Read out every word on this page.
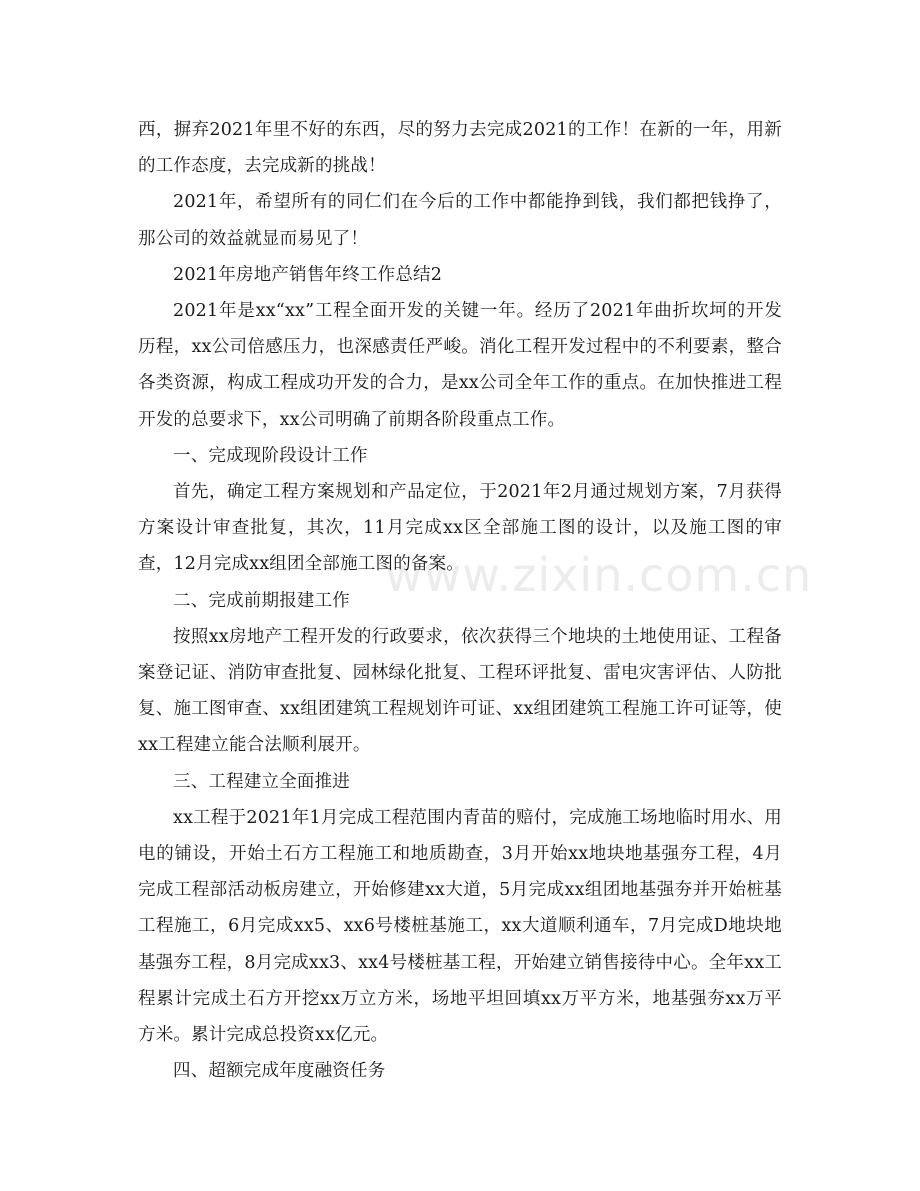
www.zixin.com.cn

西，摒弃2021年里不好的东西，尽的努力去完成2021的工作！在新的一年，用新的工作态度，去完成新的挑战！

2021年，希望所有的同仁们在今后的工作中都能挣到钱，我们都把钱挣了，那公司的效益就显而易见了！

2021年房地产销售年终工作总结2

2021年是xx“xx”工程全面开发的关键一年。经历了2021年曲折坎坷的开发历程，xx公司倍感压力，也深感责任严峻。消化工程开发过程中的不利要素，整合各类资源，构成工程成功开发的合力，是xx公司全年工作的重点。在加快推进工程开发的总要求下，xx公司明确了前期各阶段重点工作。

一、完成现阶段设计工作

首先，确定工程方案规划和产品定位，于2021年2月通过规划方案，7月获得方案设计审查批复，其次，11月完成xx区全部施工图的设计，以及施工图的审查，12月完成xx组团全部施工图的备案。

二、完成前期报建工作

按照xx房地产工程开发的行政要求，依次获得三个地块的土地使用证、工程备案登记证、消防审查批复、园林绿化批复、工程环评批复、雷电灾害评估、人防批复、施工图审查、xx组团建筑工程规划许可证、xx组团建筑工程施工许可证等，使xx工程建立能合法顺利展开。

三、工程建立全面推进

xx工程于2021年1月完成工程范围内青苗的赔付，完成施工场地临时用水、用电的铺设，开始土石方工程施工和地质勘查，3月开始xx地块地基强夯工程，4月完成工程部活动板房建立，开始修建xx大道，5月完成xx组团地基强夯并开始桩基工程施工，6月完成xx5、xx6号楼桩基施工，xx大道顺利通车，7月完成D地块地基强夯工程，8月完成xx3、xx4号楼桩基工程，开始建立销售接待中心。全年xx工程累计完成土石方开挖xx万立方米，场地平坦回填xx万平方米，地基强夯xx万平方米。累计完成总投资xx亿元。

四、超额完成年度融资任务
